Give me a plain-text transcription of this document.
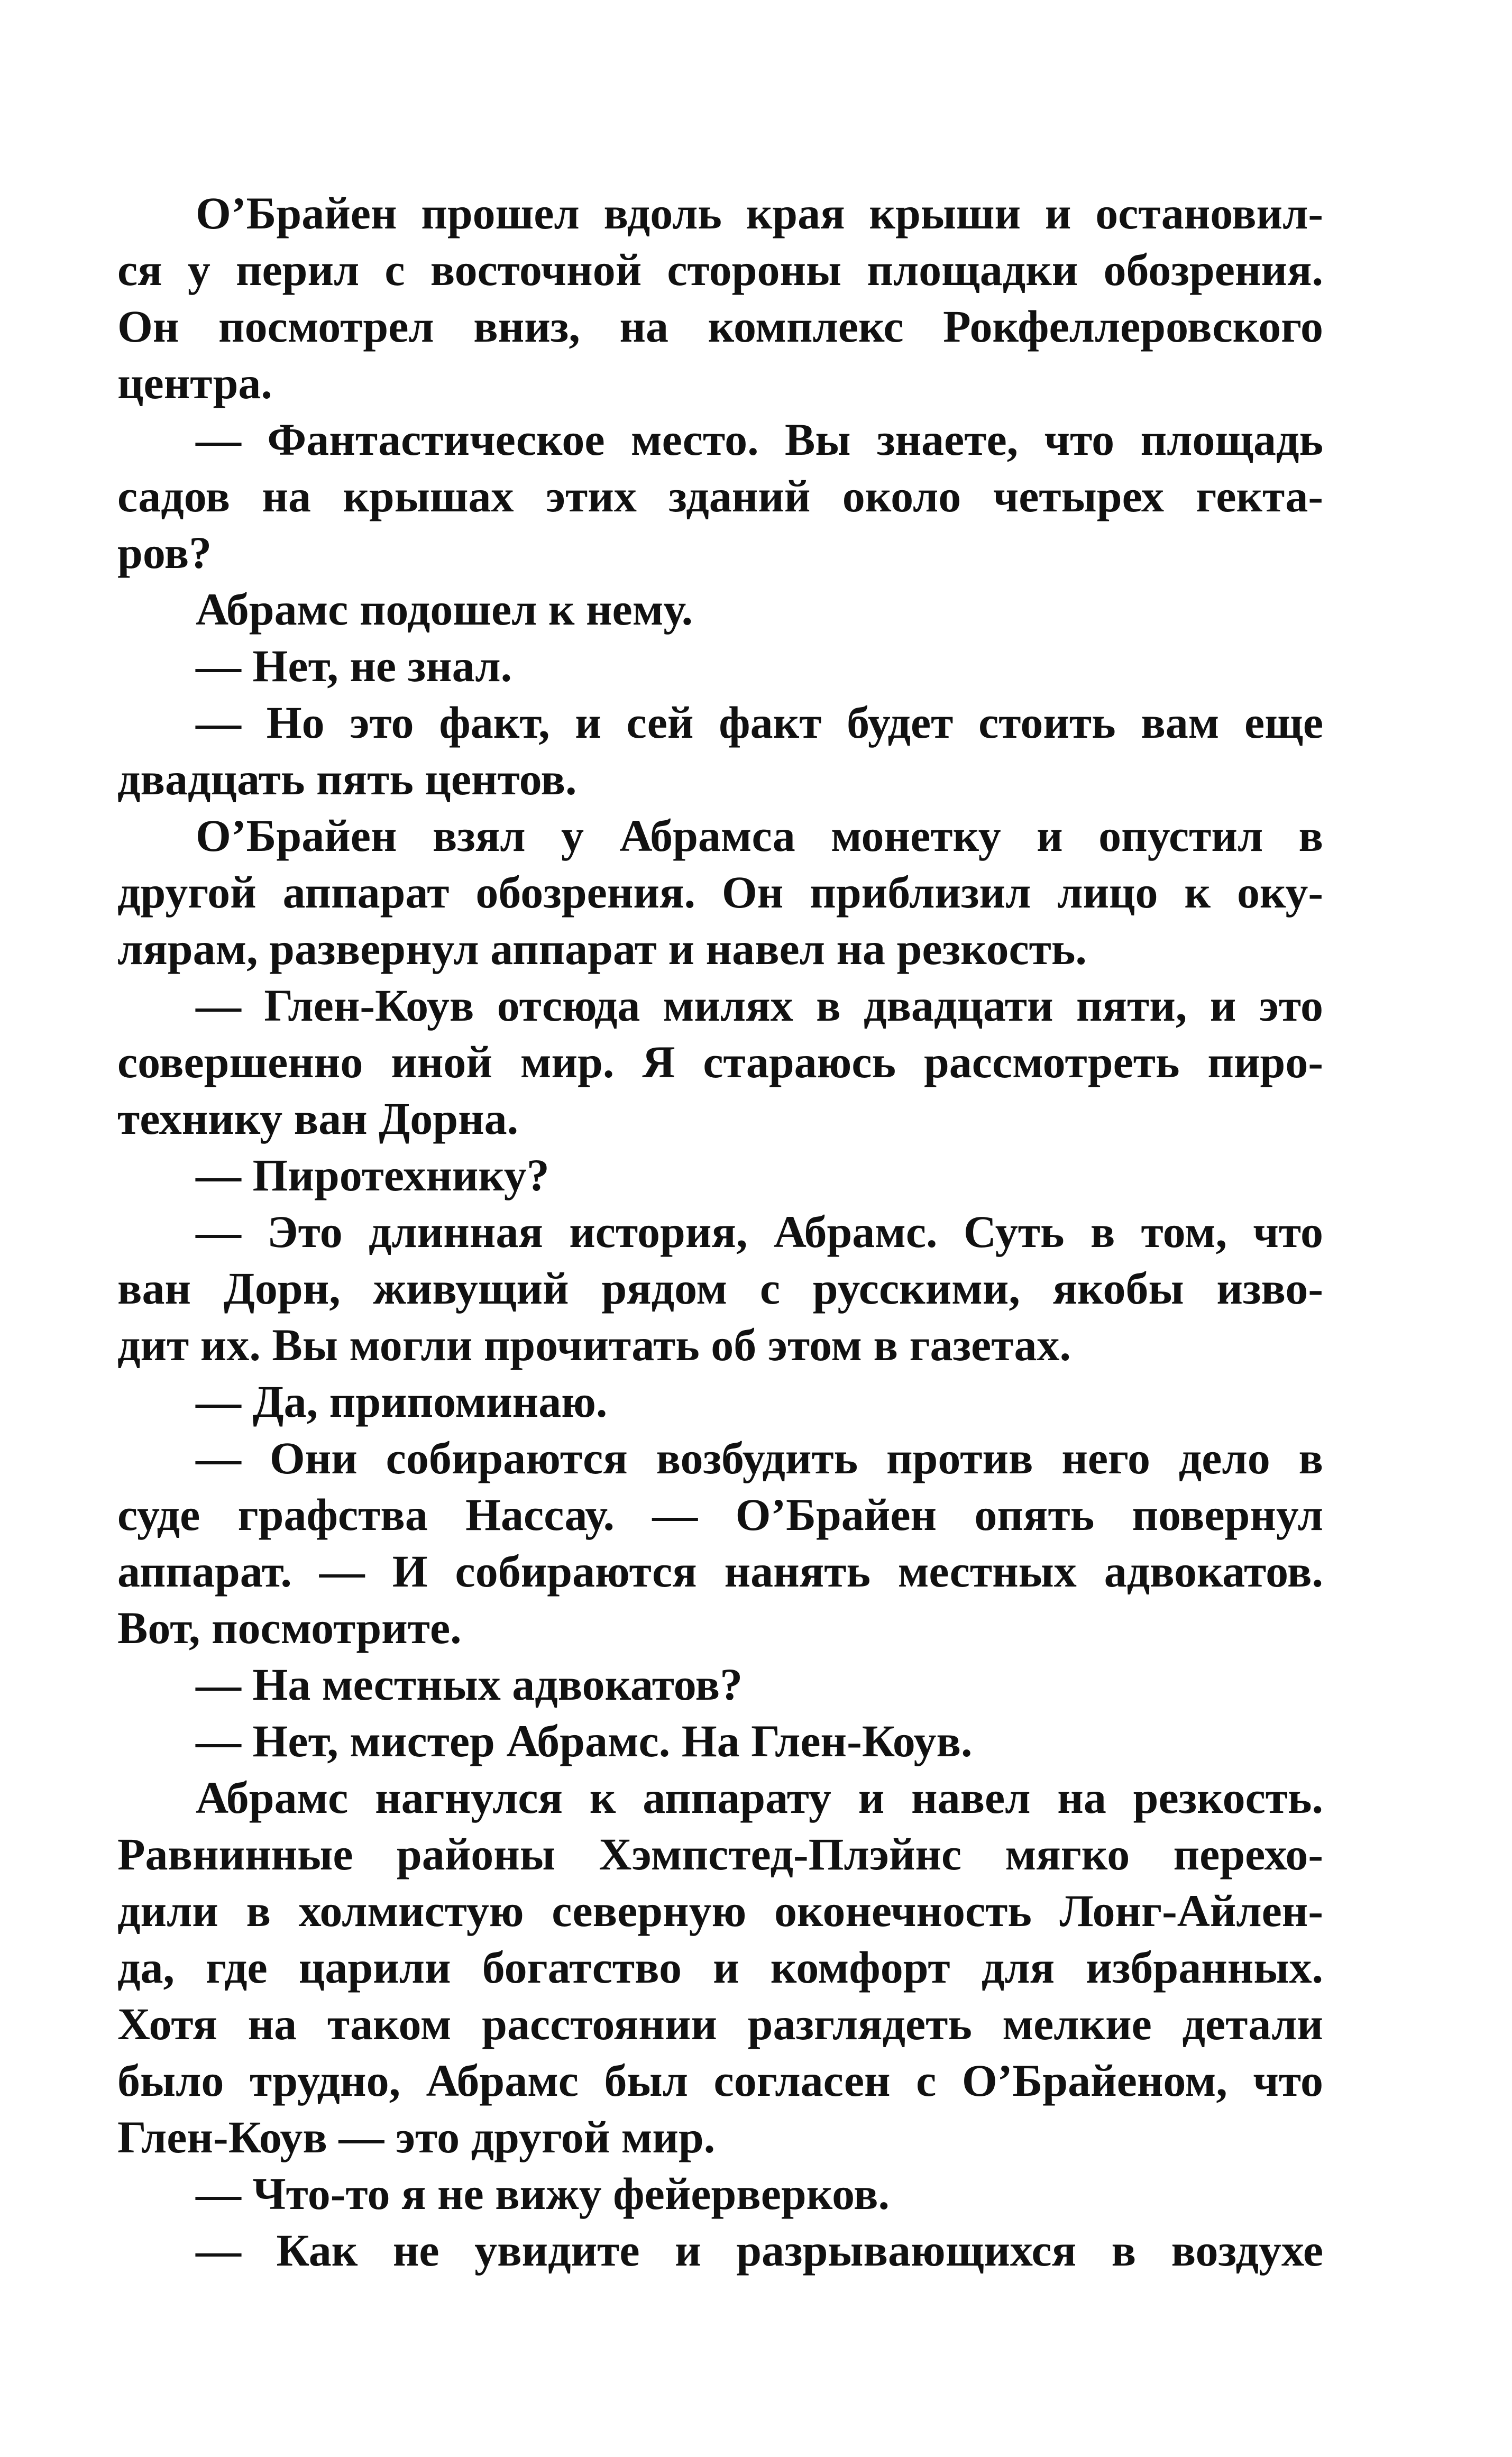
О’Брайен прошел вдоль края крыши и остановил-
ся у перил с восточной стороны площадки обозрения.
Он посмотрел вниз, на комплекс Рокфеллеровского
центра.
— Фантастическое место. Вы знаете, что площадь
садов на крышах этих зданий около четырех гекта-
ров?
Абрамс подошел к нему.
— Нет, не знал.
— Но это факт, и сей факт будет стоить вам еще
двадцать пять центов.
О’Брайен взял у Абрамса монетку и опустил в
другой аппарат обозрения. Он приблизил лицо к оку-
лярам, развернул аппарат и навел на резкость.
— Глен-Коув отсюда милях в двадцати пяти, и это
совершенно иной мир. Я стараюсь рассмотреть пиро-
технику ван Дорна.
— Пиротехнику?
— Это длинная история, Абрамс. Суть в том, что
ван Дорн, живущий рядом с русскими, якобы изво-
дит их. Вы могли прочитать об этом в газетах.
— Да, припоминаю.
— Они собираются возбудить против него дело в
суде графства Нассау. — О’Брайен опять повернул
аппарат. — И собираются нанять местных адвокатов.
Вот, посмотрите.
— На местных адвокатов?
— Нет, мистер Абрамс. На Глен-Коув.
Абрамс нагнулся к аппарату и навел на резкость.
Равнинные районы Хэмпстед-Плэйнс мягко перехо-
дили в холмистую северную оконечность Лонг-Айлен-
да, где царили богатство и комфорт для избранных.
Хотя на таком расстоянии разглядеть мелкие детали
было трудно, Абрамс был согласен с О’Брайеном, что
Глен-Коув — это другой мир.
— Что-то я не вижу фейерверков.
— Как не увидите и разрывающихся в воздухе
